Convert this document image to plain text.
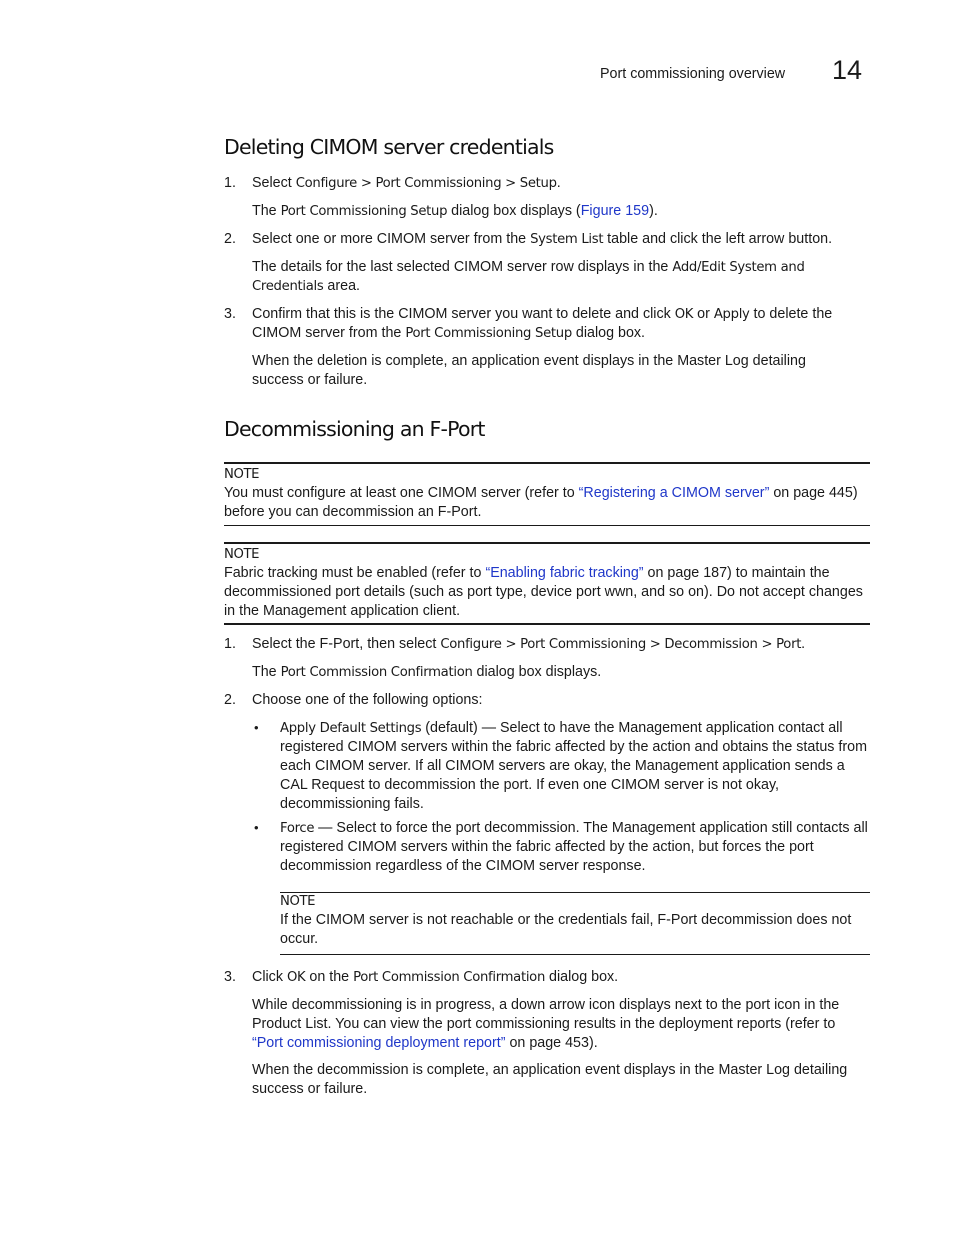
Port commissioning overview 14
Deleting CIMOM server credentials
1. Select Configure > Port Commissioning > Setup.
The Port Commissioning Setup dialog box displays (Figure 159).
2. Select one or more CIMOM server from the System List table and click the left arrow button.
The details for the last selected CIMOM server row displays in the Add/Edit System and Credentials area.
3. Confirm that this is the CIMOM server you want to delete and click OK or Apply to delete the CIMOM server from the Port Commissioning Setup dialog box.
When the deletion is complete, an application event displays in the Master Log detailing success or failure.
Decommissioning an F-Port
NOTE
You must configure at least one CIMOM server (refer to “Registering a CIMOM server” on page 445) before you can decommission an F-Port.
NOTE
Fabric tracking must be enabled (refer to “Enabling fabric tracking” on page 187) to maintain the decommissioned port details (such as port type, device port wwn, and so on). Do not accept changes in the Management application client.
1. Select the F-Port, then select Configure > Port Commissioning > Decommission > Port.
The Port Commission Confirmation dialog box displays.
2. Choose one of the following options:
• Apply Default Settings (default) — Select to have the Management application contact all registered CIMOM servers within the fabric affected by the action and obtains the status from each CIMOM server. If all CIMOM servers are okay, the Management application sends a CAL Request to decommission the port. If even one CIMOM server is not okay, decommissioning fails.
• Force — Select to force the port decommission. The Management application still contacts all registered CIMOM servers within the fabric affected by the action, but forces the port decommission regardless of the CIMOM server response.
NOTE
If the CIMOM server is not reachable or the credentials fail, F-Port decommission does not occur.
3. Click OK on the Port Commission Confirmation dialog box.
While decommissioning is in progress, a down arrow icon displays next to the port icon in the Product List. You can view the port commissioning results in the deployment reports (refer to “Port commissioning deployment report” on page 453).
When the decommission is complete, an application event displays in the Master Log detailing success or failure.
